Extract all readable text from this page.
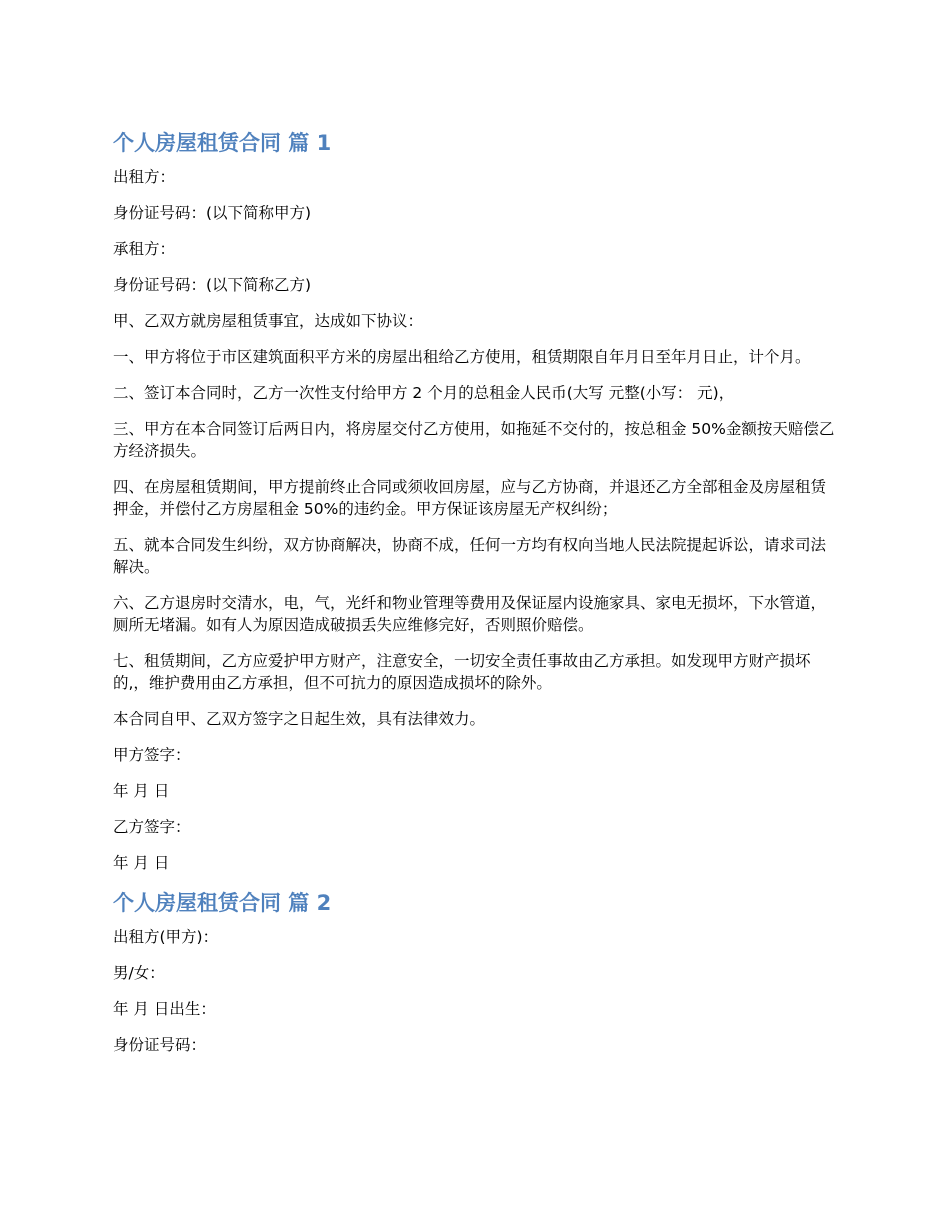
个人房屋租赁合同 篇 1

出租方：

身份证号码：(以下简称甲方)

承租方：

身份证号码：(以下简称乙方)

甲、乙双方就房屋租赁事宜，达成如下协议：

一、甲方将位于市区建筑面积平方米的房屋出租给乙方使用，租赁期限自年月日至年月日止，计个月。

二、签订本合同时，乙方一次性支付给甲方 2 个月的总租金人民币(大写 元整(小写： 元)，

三、甲方在本合同签订后两日内，将房屋交付乙方使用，如拖延不交付的，按总租金 50%金额按天赔偿乙方经济损失。

四、在房屋租赁期间，甲方提前终止合同或须收回房屋，应与乙方协商，并退还乙方全部租金及房屋租赁押金，并偿付乙方房屋租金 50%的违约金。甲方保证该房屋无产权纠纷；

五、就本合同发生纠纷，双方协商解决，协商不成，任何一方均有权向当地人民法院提起诉讼，请求司法解决。

六、乙方退房时交清水，电，气，光纤和物业管理等费用及保证屋内设施家具、家电无损坏，下水管道，厕所无堵漏。如有人为原因造成破损丢失应维修完好，否则照价赔偿。

七、租赁期间，乙方应爱护甲方财产，注意安全，一切安全责任事故由乙方承担。如发现甲方财产损坏的,，维护费用由乙方承担，但不可抗力的原因造成损坏的除外。

本合同自甲、乙双方签字之日起生效，具有法律效力。

甲方签字：

年 月 日

乙方签字：

年 月 日

个人房屋租赁合同 篇 2

出租方(甲方)：

男/女：

年 月 日出生：

身份证号码：
